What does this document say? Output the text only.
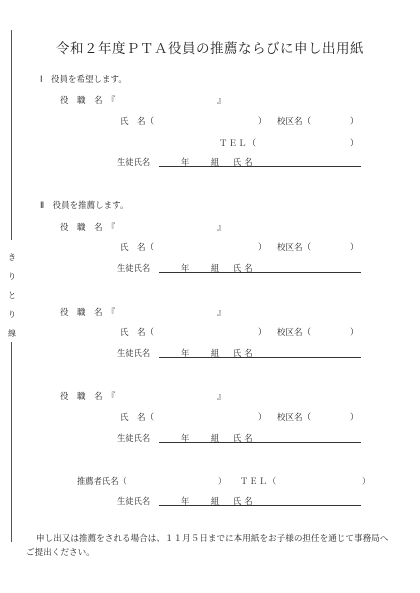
き
り
と
り
線
令和２年度ＰＴＡ役員の推薦ならびに申し出用紙
Ⅰ　役員を希望します。
役　職　名　『	』
氏　名（	） 校区名（	）
ＴＥＬ（	）
生徒氏名	年	組 氏名
Ⅱ　役員を推薦します。
役　職　名　『	』
氏　名（	） 校区名（	）
生徒氏名	年	組 氏名
役　職　名　『	』
氏　名（	） 校区名（	）
生徒氏名	年	組 氏名
役　職　名　『	』
氏　名（	） 校区名（	）
生徒氏名	年	組 氏名
推薦者氏名（	） ＴＥＬ（	）
生徒氏名	年	組 氏名
申し出又は推薦をされる場合は、１１月５日までに本用紙をお子様の担任を通じて事務局へご提出ください。
